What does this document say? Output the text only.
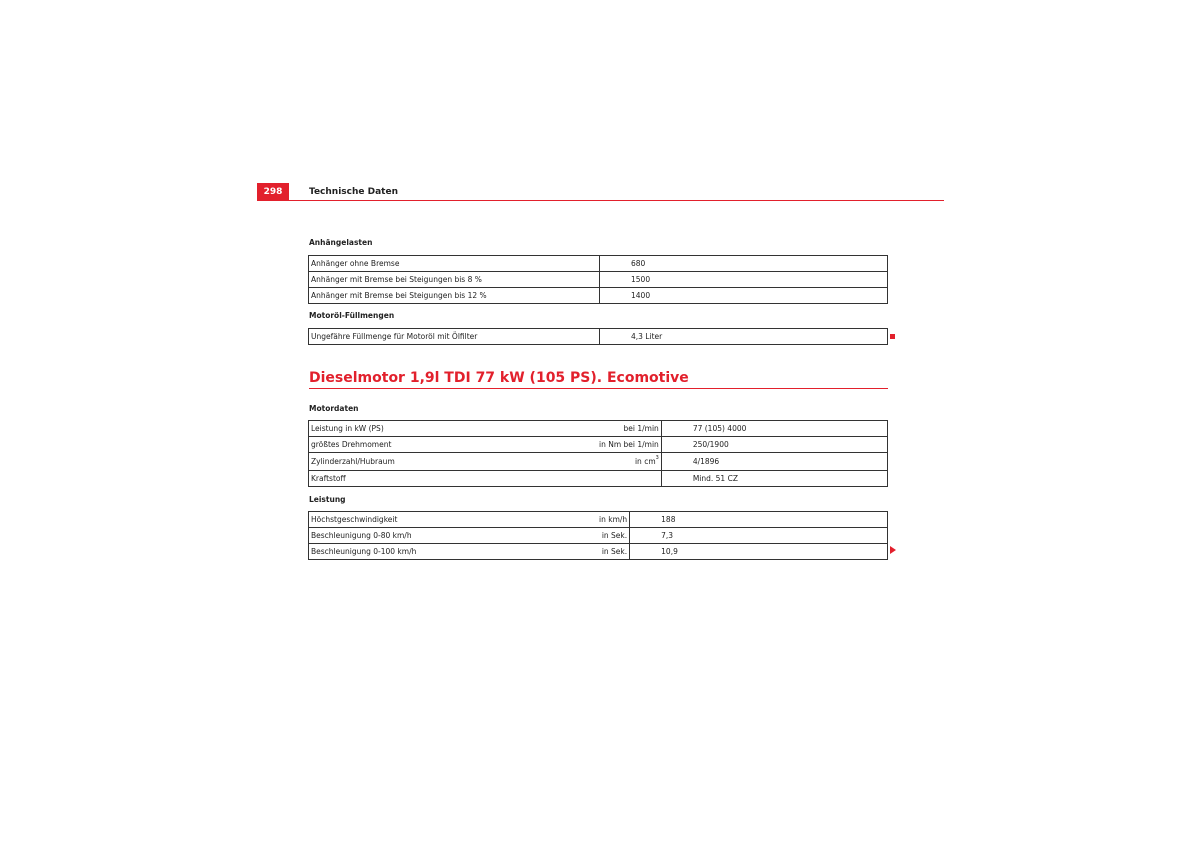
298	Technische Daten
Anhängelasten
Anhänger ohne Bremse	680
Anhänger mit Bremse bei Steigungen bis 8 %	1500
Anhänger mit Bremse bei Steigungen bis 12 %	1400
Motoröl-Füllmengen
Ungefähre Füllmenge für Motoröl mit Ölfilter	4,3 Liter
Dieselmotor 1,9l TDI 77 kW (105 PS). Ecomotive
Motordaten
Leistung in kW (PS)	bei 1/min	77 (105) 4000
größtes Drehmoment	in Nm bei 1/min	250/1900
Zylinderzahl/Hubraum	in $cm^3$	4/1896
Kraftstoff		Mind. 51 CZ
Leistung
Höchstgeschwindigkeit	in km/h	188
Beschleunigung 0-80 km/h	in Sek.	7,3
Beschleunigung 0-100 km/h	in Sek.	10,9
